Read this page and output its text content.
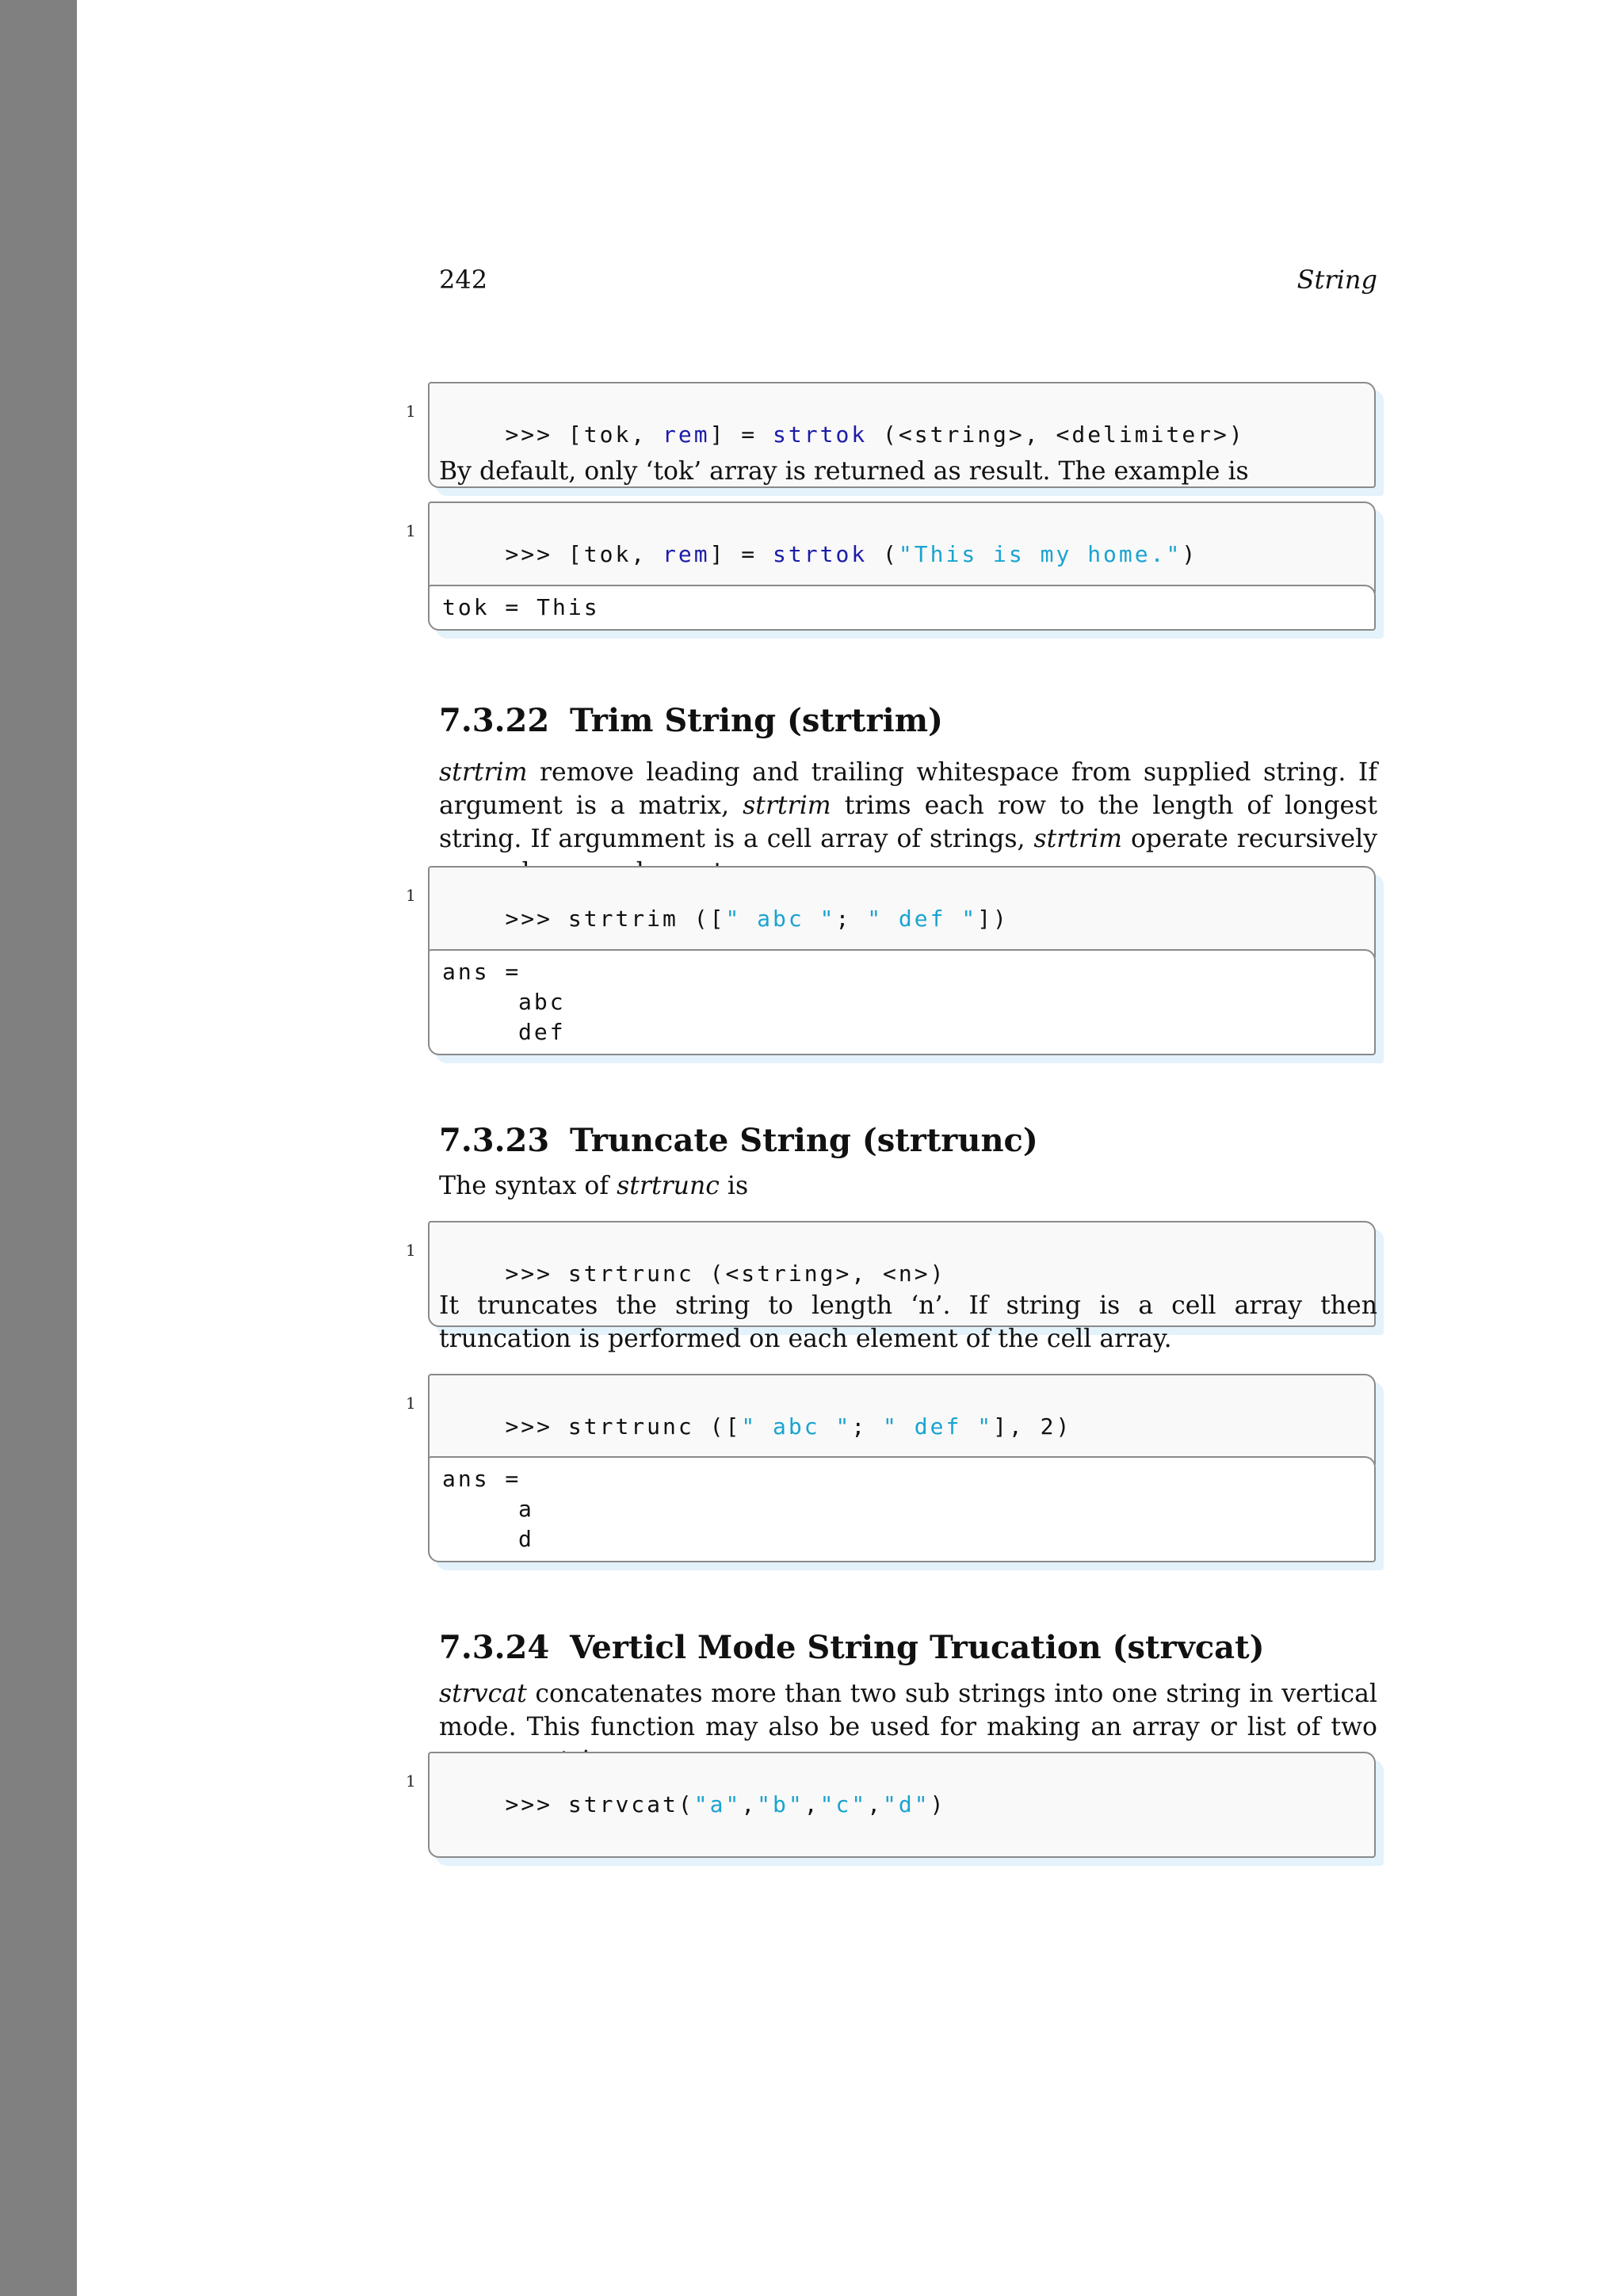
242	String

1
>>> [tok, rem] = strtok (<string>, <delimiter>)

By default, only ‘tok’ array is returned as result. The example is

1
>>> [tok, rem] = strtok ("This is my home.")

tok = This
7.3.22 Trim String (strtrim)

strtrim remove leading and trailing whitespace from supplied string. If argument is a matrix, strtrim trims each row to the length of longest string. If argumment is a cell array of strings, strtrim operate recursively

1
>>> strtrim ([" abc "; " def "])

ans =
abc
def
7.3.23 Truncate String (strtrunc)

The syntax of strtrunc is

1
>>> strtrunc (<string>, <n>)

It truncates the string to length ‘n’. If string is a cell array then truncation is performed on each element of the cell array.

1
>>> strtrunc ([" abc "; " def "], 2)

ans =
a
d
7.3.24 Verticl Mode String Trucation (strvcat)

strvcat concatenates more than two sub strings into one string in vertical mode. This function may also be used for making an array or list of two

1
>>> strvcat("a","b","c","d")
